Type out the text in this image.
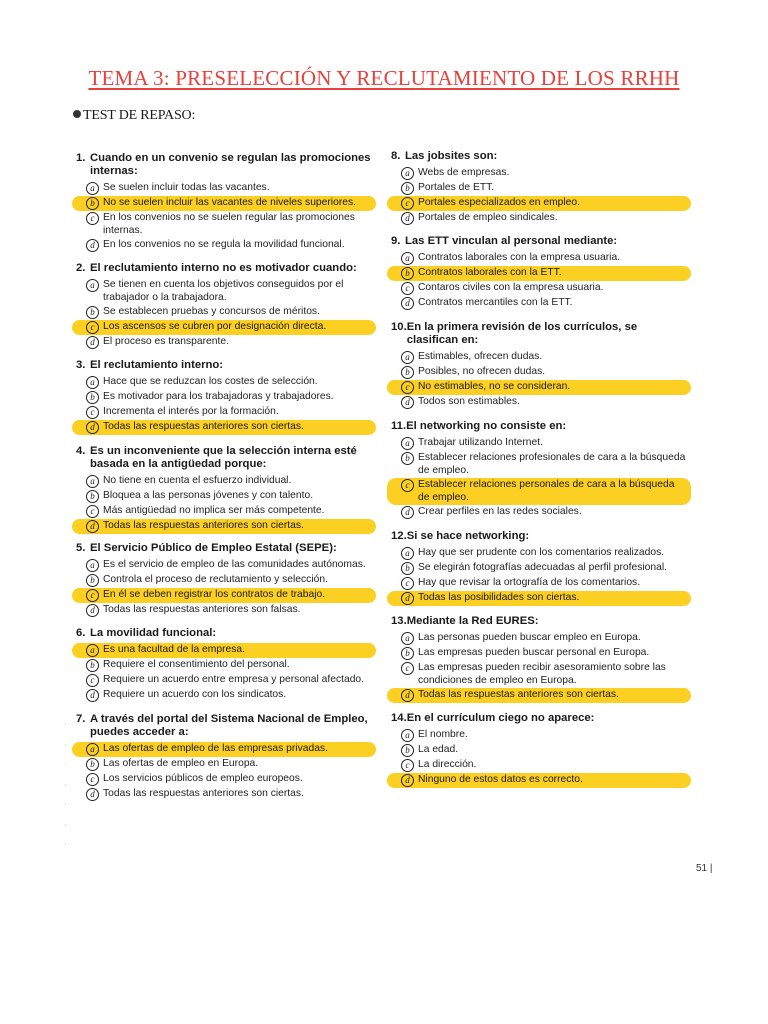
TEMA 3: PRESELECCIÓN Y RECLUTAMIENTO DE LOS RRHH
TEST DE REPASO:
1. Cuando en un convenio se regulan las promociones internas:
a Se suelen incluir todas las vacantes.
b No se suelen incluir las vacantes de niveles superiores.
c En los convenios no se suelen regular las promociones internas.
d En los convenios no se regula la movilidad funcional.
2. El reclutamiento interno no es motivador cuando:
a Se tienen en cuenta los objetivos conseguidos por el trabajador o la trabajadora.
b Se establecen pruebas y concursos de méritos.
c Los ascensos se cubren por designación directa.
d El proceso es transparente.
3. El reclutamiento interno:
a Hace que se reduzcan los costes de selección.
b Es motivador para los trabajadoras y trabajadores.
c Incrementa el interés por la formación.
d Todas las respuestas anteriores son ciertas.
4. Es un inconveniente que la selección interna esté basada en la antigüedad porque:
a No tiene en cuenta el esfuerzo individual.
b Bloquea a las personas jóvenes y con talento.
c Más antigüedad no implica ser más competente.
d Todas las respuestas anteriores son ciertas.
5. El Servicio Público de Empleo Estatal (SEPE):
a Es el servicio de empleo de las comunidades autónomas.
b Controla el proceso de reclutamiento y selección.
c En él se deben registrar los contratos de trabajo.
d Todas las respuestas anteriores son falsas.
6. La movilidad funcional:
a Es una facultad de la empresa.
b Requiere el consentimiento del personal.
c Requiere un acuerdo entre empresa y personal afectado.
d Requiere un acuerdo con los sindicatos.
7. A través del portal del Sistema Nacional de Empleo, puedes acceder a:
a Las ofertas de empleo de las empresas privadas.
b Las ofertas de empleo en Europa.
c Los servicios públicos de empleo europeos.
d Todas las respuestas anteriores son ciertas.
8. Las jobsites son:
a Webs de empresas.
b Portales de ETT.
c Portales especializados en empleo.
d Portales de empleo sindicales.
9. Las ETT vinculan al personal mediante:
a Contratos laborales con la empresa usuaria.
b Contratos laborales con la ETT.
c Contaros civiles con la empresa usuaria.
d Contratos mercantiles con la ETT.
10. En la primera revisión de los currículos, se clasifican en:
a Estimables, ofrecen dudas.
b Posibles, no ofrecen dudas.
c No estimables, no se consideran.
d Todos son estimables.
11. El networking no consiste en:
a Trabajar utilizando Internet.
b Establecer relaciones profesionales de cara a la búsqueda de empleo.
c Establecer relaciones personales de cara a la búsqueda de empleo.
d Crear perfiles en las redes sociales.
12. Si se hace networking:
a Hay que ser prudente con los comentarios realizados.
b Se elegirán fotografías adecuadas al perfil profesional.
c Hay que revisar la ortografía de los comentarios.
d Todas las posibilidades son ciertas.
13. Mediante la Red EURES:
a Las personas pueden buscar empleo en Europa.
b Las empresas pueden buscar personal en Europa.
c Las empresas pueden recibir asesoramiento sobre las condiciones de empleo en Europa.
d Todas las respuestas anteriores son ciertas.
14. En el currículum ciego no aparece:
a El nombre.
b La edad.
c La dirección.
d Ninguno de estos datos es correcto.
·
·
·
·
·
·
·
51 |
